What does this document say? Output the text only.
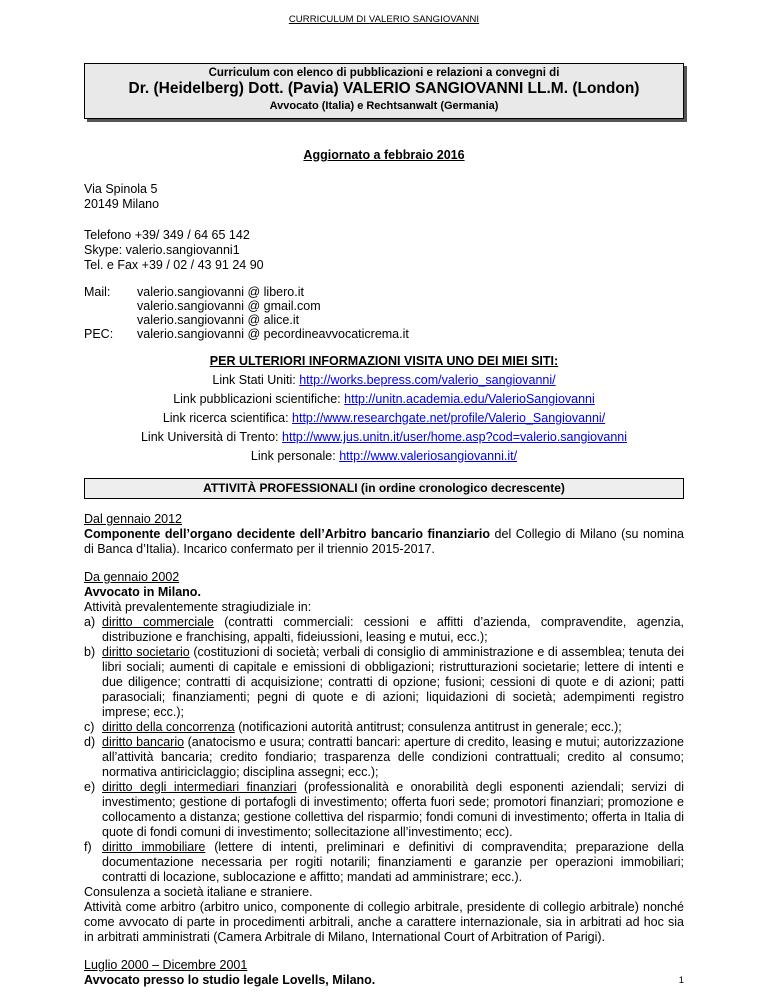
CURRICULUM DI VALERIO SANGIOVANNI
Curriculum con elenco di pubblicazioni e relazioni a convegni di
Dr. (Heidelberg) Dott. (Pavia) VALERIO SANGIOVANNI LL.M. (London)
Avvocato (Italia) e Rechtsanwalt (Germania)
Aggiornato a febbraio 2016
Via Spinola 5
20149 Milano
Telefono +39/ 349 / 64 65 142
Skype: valerio.sangiovanni1
Tel. e Fax +39 / 02 / 43 91 24 90
Mail:	valerio.sangiovanni @ libero.it
valerio.sangiovanni @ gmail.com
valerio.sangiovanni @ alice.it
PEC:	valerio.sangiovanni @ pecordineavvocaticrema.it
PER ULTERIORI INFORMAZIONI VISITA UNO DEI MIEI SITI:
Link Stati Uniti: http://works.bepress.com/valerio_sangiovanni/
Link pubblicazioni scientifiche: http://unitn.academia.edu/ValerioSangiovanni
Link ricerca scientifica: http://www.researchgate.net/profile/Valerio_Sangiovanni/
Link Università di Trento: http://www.jus.unitn.it/user/home.asp?cod=valerio.sangiovanni
Link personale: http://www.valeriosangiovanni.it/
ATTIVITÀ PROFESSIONALI (in ordine cronologico decrescente)
Dal gennaio 2012
Componente dell’organo decidente dell’Arbitro bancario finanziario del Collegio di Milano (su nomina di Banca d’Italia). Incarico confermato per il triennio 2015-2017.
Da gennaio 2002
Avvocato in Milano.
Attività prevalentemente stragiudiziale in:
a) diritto commerciale (contratti commerciali: cessioni e affitti d’azienda, compravendite, agenzia, distribuzione e franchising, appalti, fideiussioni, leasing e mutui, ecc.);
b) diritto societario (costituzioni di società; verbali di consiglio di amministrazione e di assemblea; tenuta dei libri sociali; aumenti di capitale e emissioni di obbligazioni; ristrutturazioni societarie; lettere di intenti e due diligence; contratti di acquisizione; contratti di opzione; fusioni; cessioni di quote e di azioni; patti parasociali; finanziamenti; pegni di quote e di azioni; liquidazioni di società; adempimenti registro imprese; ecc.);
c) diritto della concorrenza (notificazioni autorità antitrust; consulenza antitrust in generale; ecc.);
d) diritto bancario (anatocismo e usura; contratti bancari: aperture di credito, leasing e mutui; autorizzazione all’attività bancaria; credito fondiario; trasparenza delle condizioni contrattuali; credito al consumo; normativa antiriciclaggio; disciplina assegni; ecc.);
e) diritto degli intermediari finanziari (professionalità e onorabilità degli esponenti aziendali; servizi di investimento; gestione di portafogli di investimento; offerta fuori sede; promotori finanziari; promozione e collocamento a distanza; gestione collettiva del risparmio; fondi comuni di investimento; offerta in Italia di quote di fondi comuni di investimento; sollecitazione all’investimento; ecc).
f) diritto immobiliare (lettere di intenti, preliminari e definitivi di compravendita; preparazione della documentazione necessaria per rogiti notarili; finanziamenti e garanzie per operazioni immobiliari; contratti di locazione, sublocazione e affitto; mandati ad amministrare; ecc.).
Consulenza a società italiane e straniere.
Attività come arbitro (arbitro unico, componente di collegio arbitrale, presidente di collegio arbitrale) nonché come avvocato di parte in procedimenti arbitrali, anche a carattere internazionale, sia in arbitrati ad hoc sia in arbitrati amministrati (Camera Arbitrale di Milano, International Court of Arbitration of Parigi).
Luglio 2000 – Dicembre 2001
Avvocato presso lo studio legale Lovells, Milano.	1
